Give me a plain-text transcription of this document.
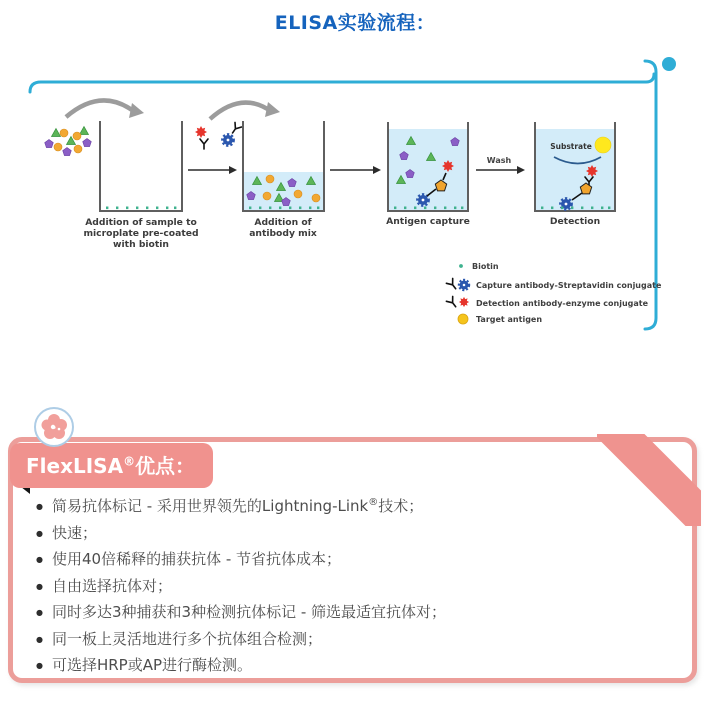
ELISA实验流程：
Addition of sample to
microplate pre-coated
with biotin
Addition of
antibody mix
Antigen capture
Wash
Substrate
Detection
Biotin
Capture antibody-Streptavidin conjugate
Detection antibody-enzyme conjugate
Target antigen
FlexLISA®优点：
● 简易抗体标记 - 采用世界领先的Lightning-Link®技术；
● 快速；
● 使用40倍稀释的捕获抗体 - 节省抗体成本；
● 自由选择抗体对；
● 同时多达3种捕获和3种检测抗体标记 - 筛选最适宜抗体对；
● 同一板上灵活地进行多个抗体组合检测；
● 可选择HRP或AP进行酶检测。
